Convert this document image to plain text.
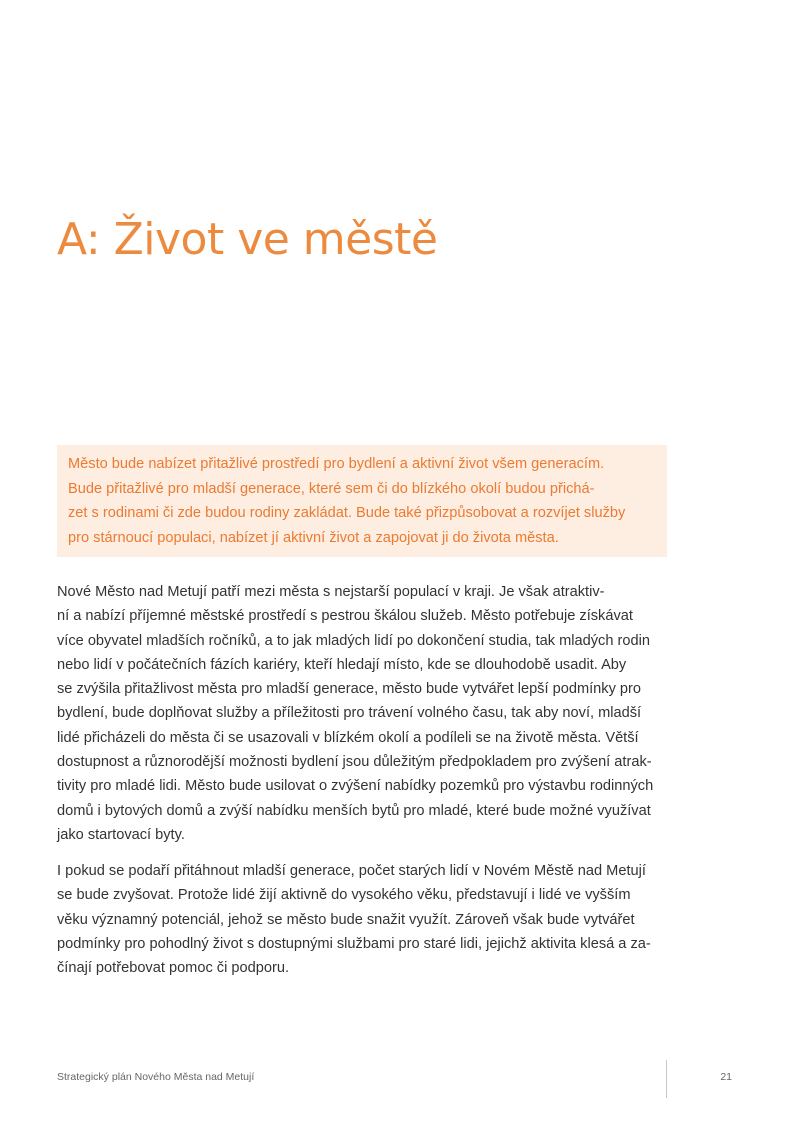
A: Život ve městě
Město bude nabízet přitažlivé prostředí pro bydlení a aktivní život všem generacím.
Bude přitažlivé pro mladší generace, které sem či do blízkého okolí budou přichá-
zet s rodinami či zde budou rodiny zakládat. Bude také přizpůsobovat a rozvíjet služby
pro stárnoucí populaci, nabízet jí aktivní život a zapojovat ji do života města.
Nové Město nad Metují patří mezi města s nejstarší populací v kraji. Je však atraktiv-
ní a nabízí příjemné městské prostředí s pestrou škálou služeb. Město potřebuje získávat
více obyvatel mladších ročníků, a to jak mladých lidí po dokončení studia, tak mladých rodin
nebo lidí v počátečních fázích kariéry, kteří hledají místo, kde se dlouhodobě usadit. Aby
se zvýšila přitažlivost města pro mladší generace, město bude vytvářet lepší podmínky pro
bydlení, bude doplňovat služby a příležitosti pro trávení volného času, tak aby noví, mladší
lidé přicházeli do města či se usazovali v blízkém okolí a podíleli se na životě města. Větší
dostupnost a různorodější možnosti bydlení jsou důležitým předpokladem pro zvýšení atrak-
tivity pro mladé lidi. Město bude usilovat o zvýšení nabídky pozemků pro výstavbu rodinných
domů i bytových domů a zvýší nabídku menších bytů pro mladé, které bude možné využívat
jako startovací byty.
I pokud se podaří přitáhnout mladší generace, počet starých lidí v Novém Městě nad Metují
se bude zvyšovat. Protože lidé žijí aktivně do vysokého věku, představují i lidé ve vyšším
věku významný potenciál, jehož se město bude snažit využít. Zároveň však bude vytvářet
podmínky pro pohodlný život s dostupnými službami pro staré lidi, jejichž aktivita klesá a za-
čínají potřebovat pomoc či podporu.
Strategický plán Nového Města nad Metují	21
